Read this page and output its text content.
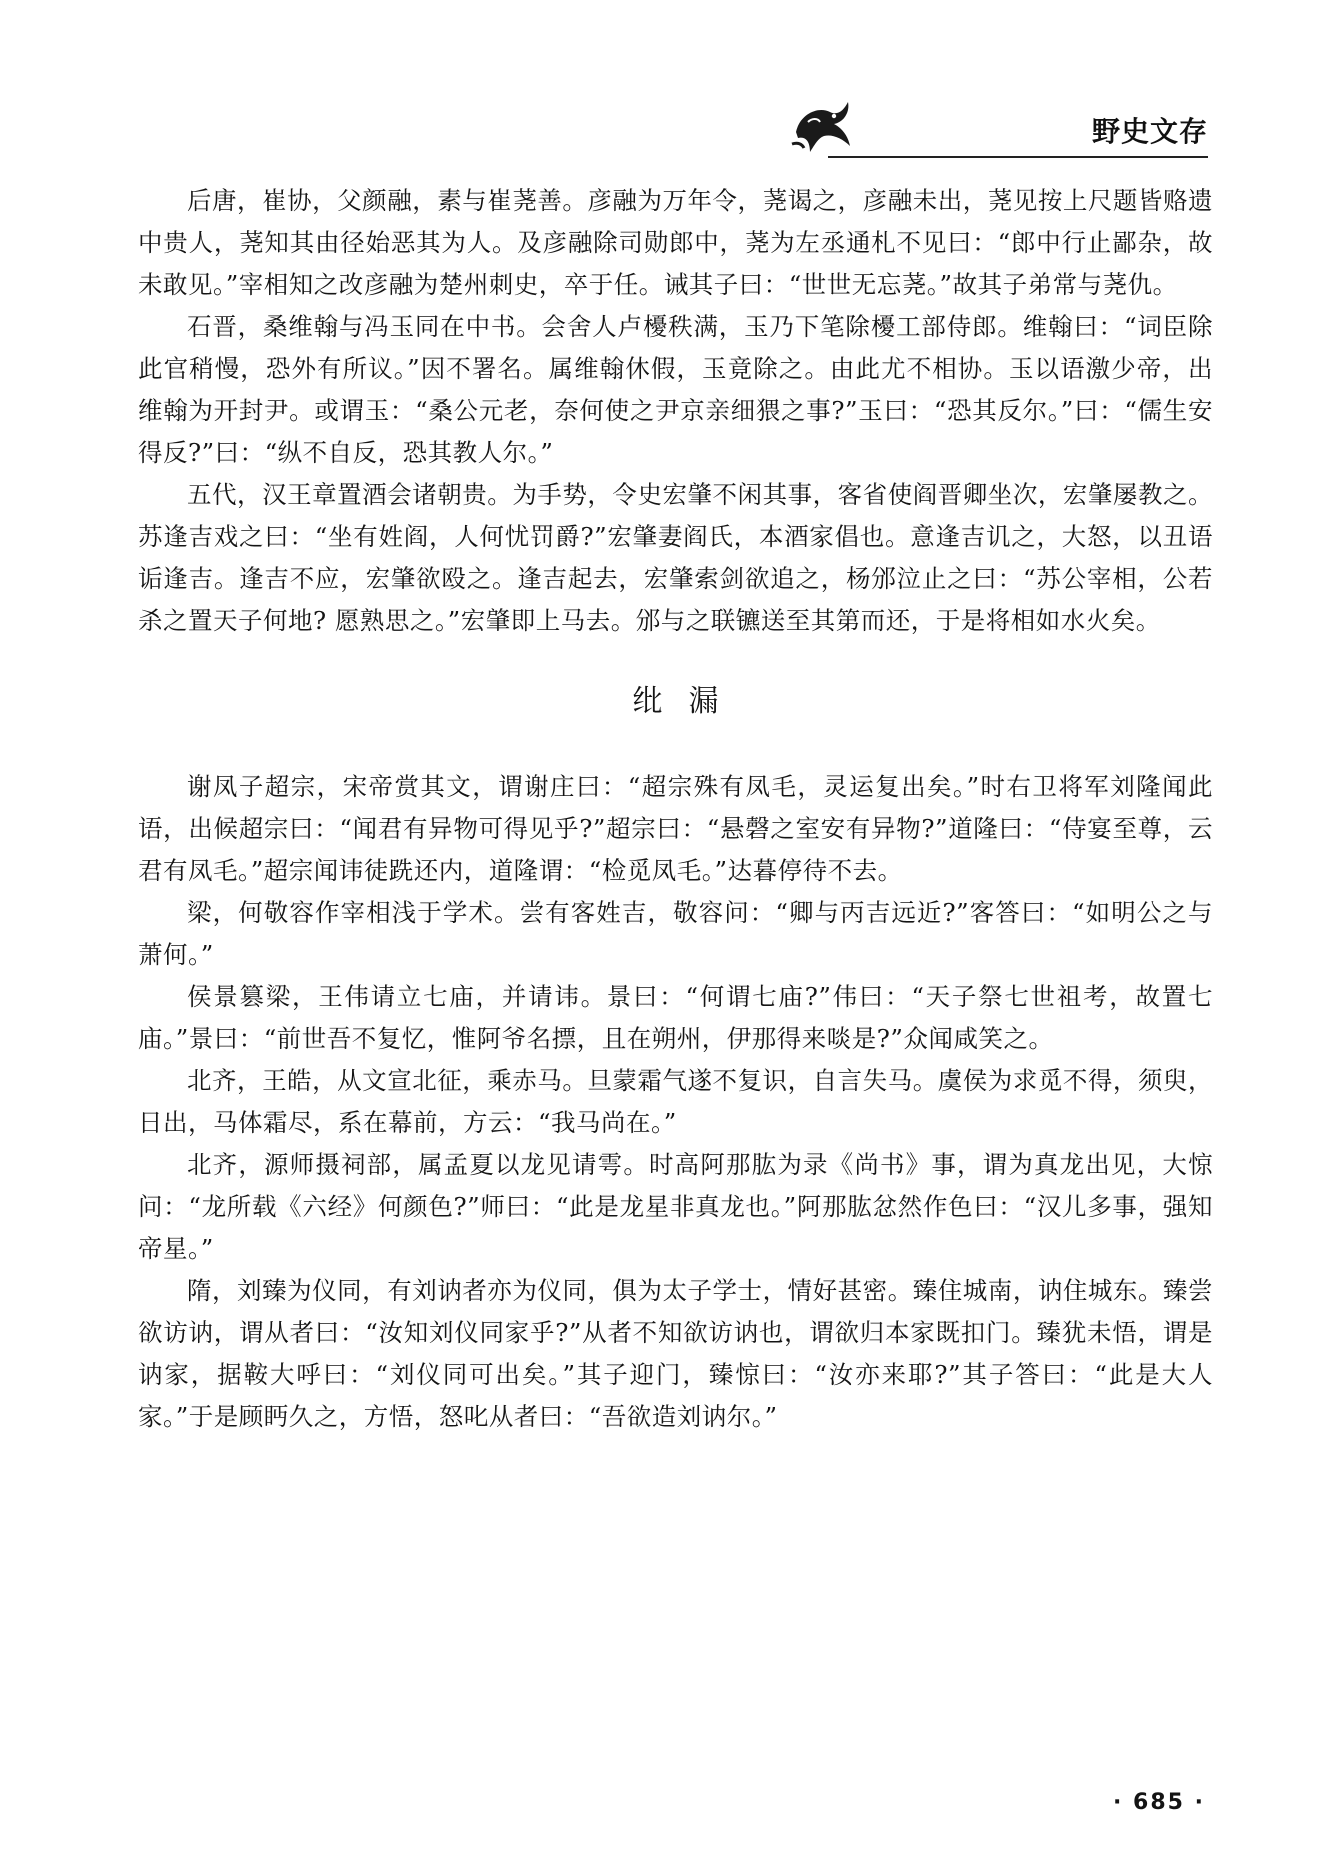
野史文存

后唐，崔协，父颜融，素与崔荛善。彦融为万年令，荛谒之，彦融未出，荛见按上尺题皆赂遗中贵人，荛知其由径始恶其为人。及彦融除司勋郎中，荛为左丞通札不见曰：“郎中行止鄙杂，故未敢见。”宰相知之改彦融为楚州刺史，卒于任。诫其子曰：“世世无忘荛。”故其子弟常与荛仇。

石晋，桑维翰与冯玉同在中书。会舍人卢櫌秩满，玉乃下笔除櫌工部侍郎。维翰曰：“词臣除此官稍慢，恐外有所议。”因不署名。属维翰休假，玉竟除之。由此尤不相协。玉以语激少帝，出维翰为开封尹。或谓玉：“桑公元老，奈何使之尹京亲细猥之事?”玉曰：“恐其反尔。”曰：“儒生安得反?”曰：“纵不自反，恐其教人尔。”

五代，汉王章置酒会诸朝贵。为手势，令史宏肇不闲其事，客省使阎晋卿坐次，宏肇屡教之。苏逢吉戏之曰：“坐有姓阎，人何忧罚爵?”宏肇妻阎氏，本酒家倡也。意逢吉讥之，大怒，以丑语诟逢吉。逢吉不应，宏肇欲殴之。逢吉起去，宏肇索剑欲追之，杨邠泣止之曰：“苏公宰相，公若杀之置天子何地? 愿熟思之。”宏肇即上马去。邠与之联镳送至其第而还，于是将相如水火矣。

纰漏

谢凤子超宗，宋帝赏其文，谓谢庄曰：“超宗殊有凤毛，灵运复出矣。”时右卫将军刘隆闻此语，出候超宗曰：“闻君有异物可得见乎?”超宗曰：“悬磬之室安有异物?”道隆曰：“侍宴至尊，云君有凤毛。”超宗闻讳徒跣还内，道隆谓：“检觅凤毛。”达暮停待不去。

梁，何敬容作宰相浅于学术。尝有客姓吉，敬容问：“卿与丙吉远近?”客答曰：“如明公之与萧何。”

侯景篡梁，王伟请立七庙，并请讳。景曰：“何谓七庙?”伟曰：“天子祭七世祖考，故置七庙。”景曰：“前世吾不复忆，惟阿爷名摽，且在朔州，伊那得来啖是?”众闻咸笑之。

北齐，王皓，从文宣北征，乘赤马。旦蒙霜气遂不复识，自言失马。虞侯为求觅不得，须臾，日出，马体霜尽，系在幕前，方云：“我马尚在。”

北齐，源师摄祠部，属孟夏以龙见请雩。时高阿那肱为录《尚书》事，谓为真龙出见，大惊问：“龙所载《六经》何颜色?”师曰：“此是龙星非真龙也。”阿那肱忿然作色曰：“汉儿多事，强知帝星。”

隋，刘臻为仪同，有刘讷者亦为仪同，俱为太子学士，情好甚密。臻住城南，讷住城东。臻尝欲访讷，谓从者曰：“汝知刘仪同家乎?”从者不知欲访讷也，谓欲归本家既扣门。臻犹未悟，谓是讷家，据鞍大呼曰：“刘仪同可出矣。”其子迎门，臻惊曰：“汝亦来耶?”其子答曰：“此是大人家。”于是顾眄久之，方悟，怒叱从者曰：“吾欲造刘讷尔。”

· 685 ·
